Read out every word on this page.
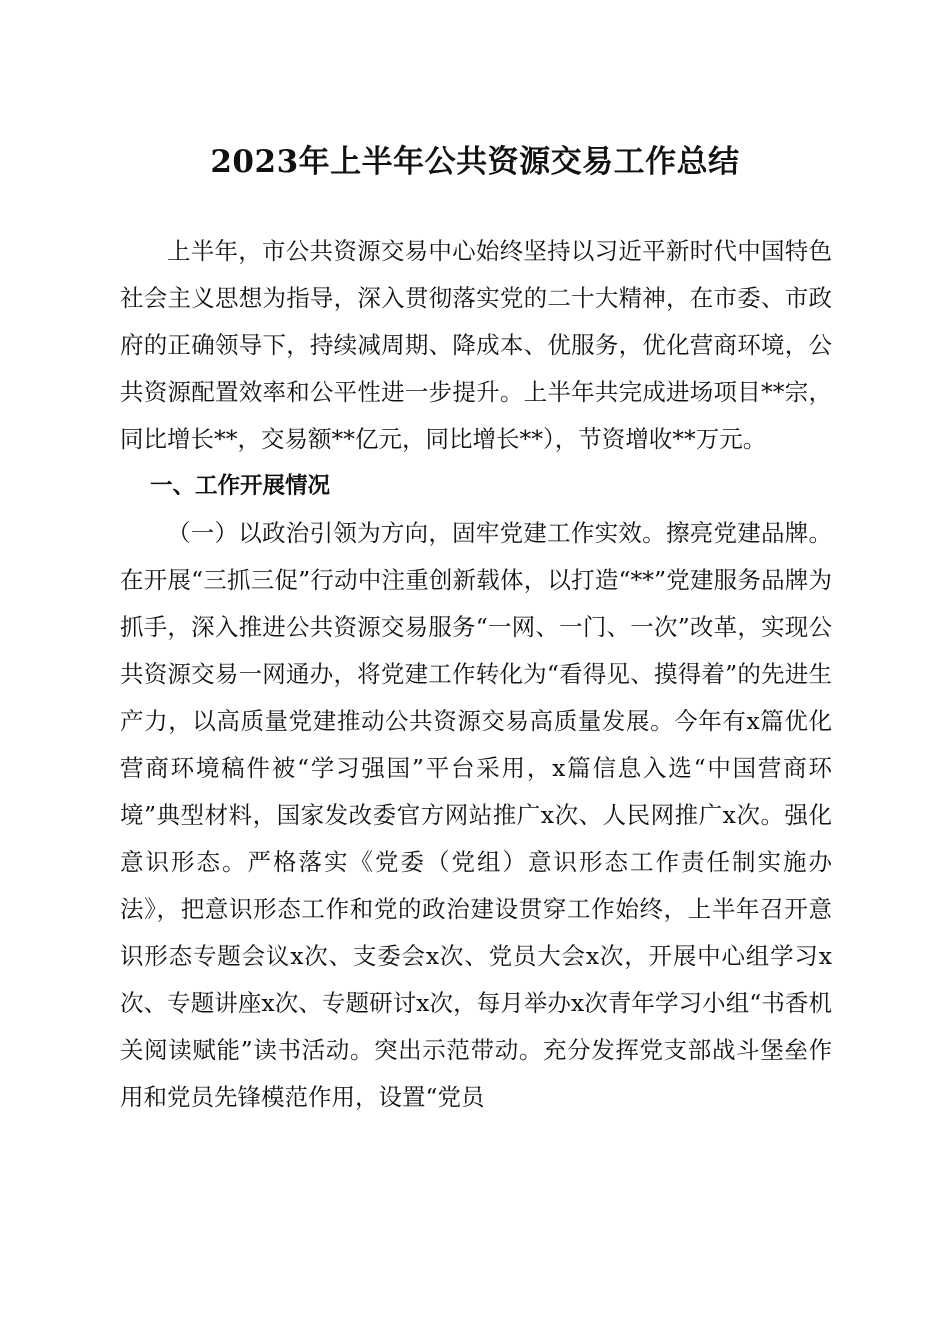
2023年上半年公共资源交易工作总结

上半年，市公共资源交易中心始终坚持以习近平新时代中国特色社会主义思想为指导，深入贯彻落实党的二十大精神，在市委、市政府的正确领导下，持续减周期、降成本、优服务，优化营商环境，公共资源配置效率和公平性进一步提升。上半年共完成进场项目**宗，同比增长**，交易额**亿元，同比增长**），节资增收**万元。

一、工作开展情况

（一）以政治引领为方向，固牢党建工作实效。擦亮党建品牌。在开展“三抓三促”行动中注重创新载体，以打造“**”党建服务品牌为抓手，深入推进公共资源交易服务“一网、一门、一次”改革，实现公共资源交易一网通办，将党建工作转化为“看得见、摸得着”的先进生产力，以高质量党建推动公共资源交易高质量发展。今年有x篇优化营商环境稿件被“学习强国”平台采用，x篇信息入选“中国营商环境”典型材料，国家发改委官方网站推广x次、人民网推广x次。强化意识形态。严格落实《党委（党组）意识形态工作责任制实施办法》，把意识形态工作和党的政治建设贯穿工作始终，上半年召开意识形态专题会议x次、支委会x次、党员大会x次，开展中心组学习x次、专题讲座x次、专题研讨x次，每月举办x次青年学习小组“书香机关阅读赋能”读书活动。突出示范带动。充分发挥党支部战斗堡垒作用和党员先锋模范作用，设置“党员
